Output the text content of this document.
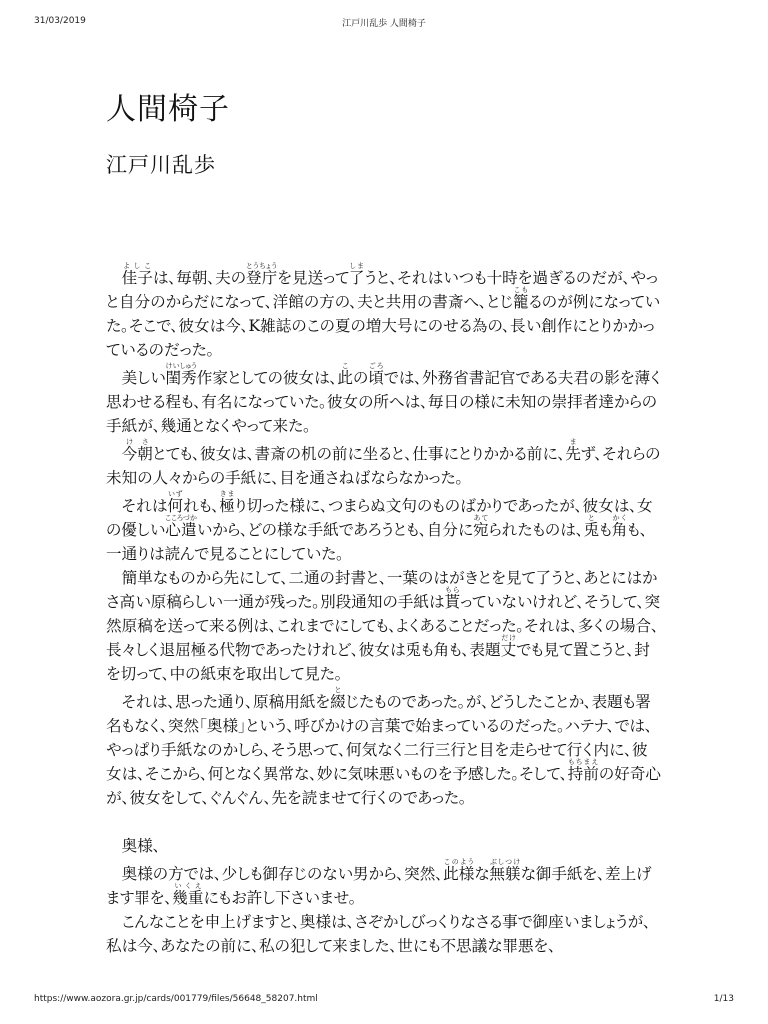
31/03/2019	江戸川乱歩 人間椅子
人間椅子
江戸川乱歩

佳子よしこは、毎朝、夫の登庁とうちょうを見送って了しまうと、それはいつも十時を過ぎるのだが、やっと自分のからだになって、洋館の方の、夫と共用の書斎へ、とじ籠こもるのが例になっていた。そこで、彼女は今、K雑誌のこの夏の増大号にのせる為の、長い創作にとりかかっているのだった。

美しい閨秀けいしゅう作家としての彼女は、此この頃ごろでは、外務省書記官である夫君の影を薄く思わせる程も、有名になっていた。彼女の所へは、毎日の様に未知の崇拝者達からの手紙が、幾通となくやって来た。

今朝けさとても、彼女は、書斎の机の前に坐ると、仕事にとりかかる前に、先まず、それらの未知の人々からの手紙に、目を通さねばならなかった。

それは何いずれも、極きまり切った様に、つまらぬ文句のものばかりであったが、彼女は、女の優しい心遣こころづかいから、どの様な手紙であろうとも、自分に宛あてられたものは、兎とも角かくも、一通りは読んで見ることにしていた。

簡単なものから先にして、二通の封書と、一葉のはがきとを見て了うと、あとにはかさ高い原稿らしい一通が残った。別段通知の手紙は貰もらっていないけれど、そうして、突然原稿を送って来る例は、これまでにしても、よくあることだった。それは、多くの場合、長々しく退屈極る代物であったけれど、彼女は兎も角も、表題丈だけでも見て置こうと、封を切って、中の紙束を取出して見た。

それは、思った通り、原稿用紙を綴とじたものであった。が、どうしたことか、表題も署名もなく、突然「奥様」という、呼びかけの言葉で始まっているのだった。ハテナ、では、やっぱり手紙なのかしら、そう思って、何気なく二行三行と目を走らせて行く内に、彼女は、そこから、何となく異常な、妙に気味悪いものを予感した。そして、持前もちまえの好奇心が、彼女をして、ぐんぐん、先を読ませて行くのであった。

奥様、

奥様の方では、少しも御存じのない男から、突然、此様このような無躾ぶしつけな御手紙を、差上げます罪を、幾重いくえにもお許し下さいませ。

こんなことを申上げますと、奥様は、さぞかしびっくりなさる事で御座いましょうが、私は今、あなたの前に、私の犯して来ました、世にも不思議な罪悪を、

https://www.aozora.gr.jp/cards/001779/files/56648_58207.html	1/13
